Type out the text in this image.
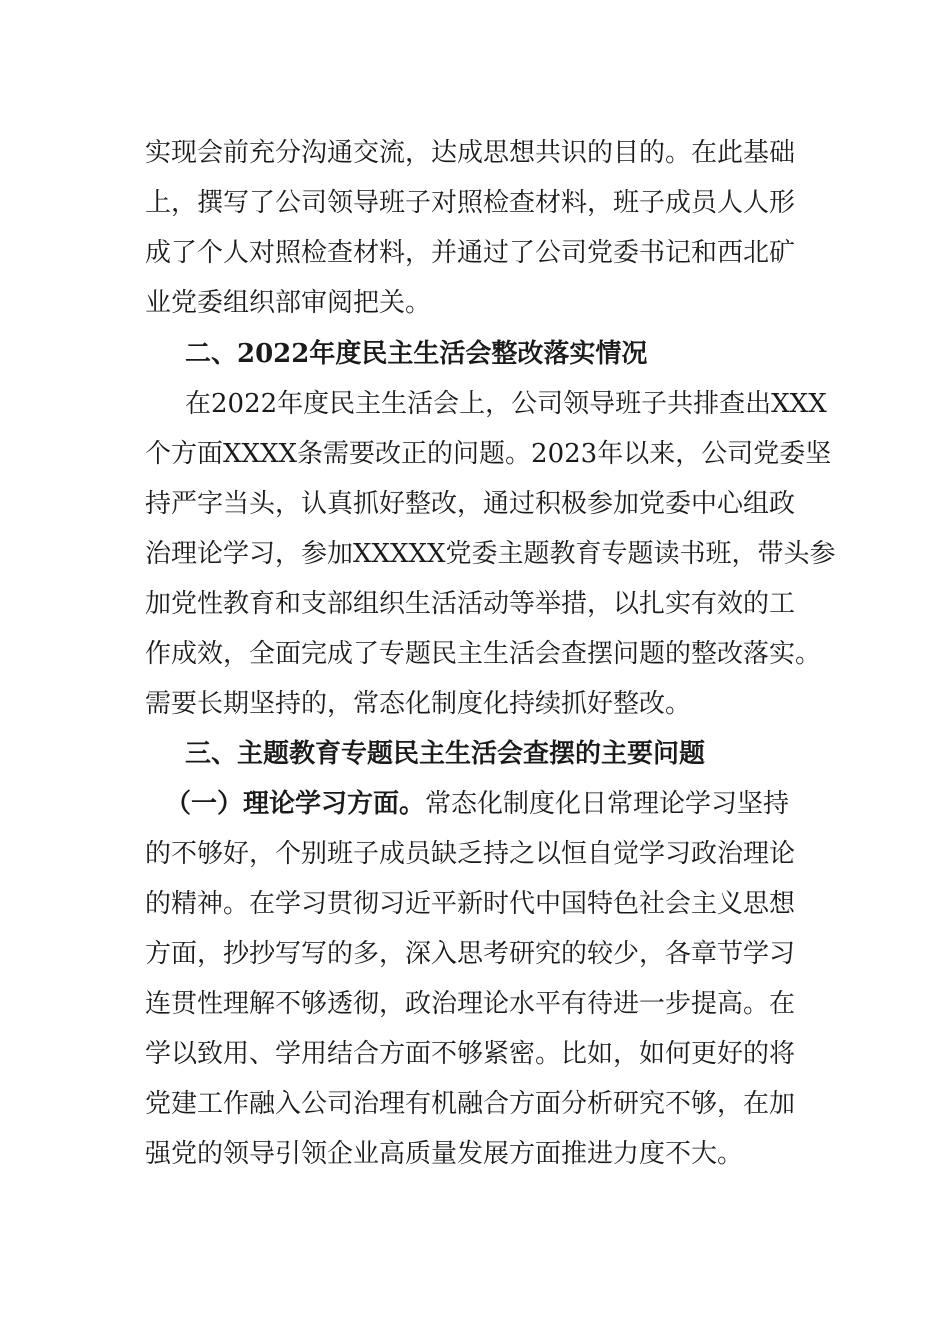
实现会前充分沟通交流，达成思想共识的目的。在此基础
上，撰写了公司领导班子对照检查材料，班子成员人人形
成了个人对照检查材料，并通过了公司党委书记和西北矿
业党委组织部审阅把关。
二、2022年度民主生活会整改落实情况
在2022年度民主生活会上，公司领导班子共排查出XXX
个方面XXXX条需要改正的问题。2023年以来，公司党委坚
持严字当头，认真抓好整改，通过积极参加党委中心组政
治理论学习，参加XXXXX党委主题教育专题读书班，带头参
加党性教育和支部组织生活活动等举措，以扎实有效的工
作成效，全面完成了专题民主生活会查摆问题的整改落实。
需要长期坚持的，常态化制度化持续抓好整改。
三、主题教育专题民主生活会查摆的主要问题
（一）理论学习方面。常态化制度化日常理论学习坚持
的不够好，个别班子成员缺乏持之以恒自觉学习政治理论
的精神。在学习贯彻习近平新时代中国特色社会主义思想
方面，抄抄写写的多，深入思考研究的较少，各章节学习
连贯性理解不够透彻，政治理论水平有待进一步提高。在
学以致用、学用结合方面不够紧密。比如，如何更好的将
党建工作融入公司治理有机融合方面分析研究不够，在加
强党的领导引领企业高质量发展方面推进力度不大。
